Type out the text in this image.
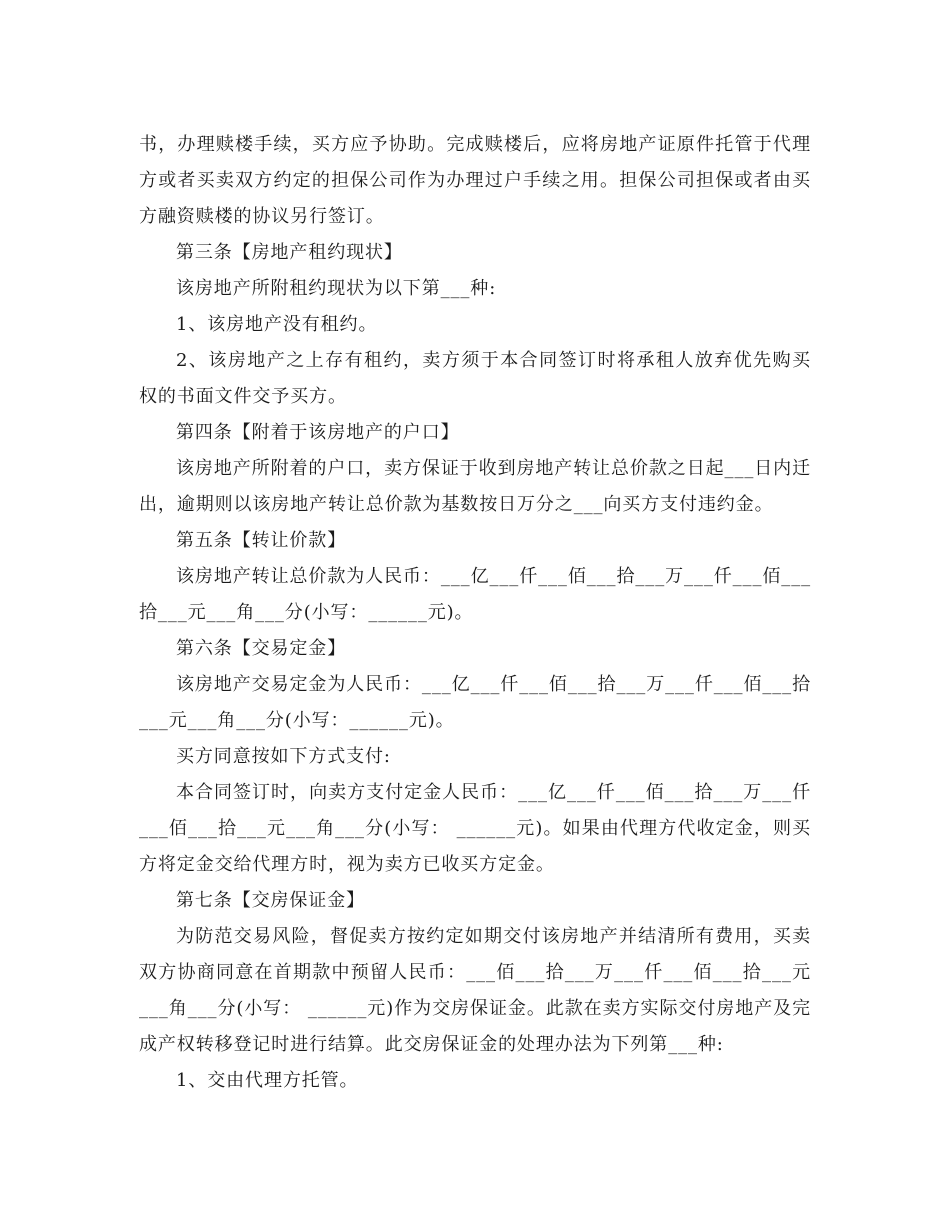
书，办理赎楼手续，买方应予协助。完成赎楼后，应将房地产证原件托管于代理方或者买卖双方约定的担保公司作为办理过户手续之用。担保公司担保或者由买方融资赎楼的协议另行签订。

第三条【房地产租约现状】

该房地产所附租约现状为以下第___种:

1、该房地产没有租约。

2、该房地产之上存有租约，卖方须于本合同签订时将承租人放弃优先购买权的书面文件交予买方。

第四条【附着于该房地产的户口】

该房地产所附着的户口，卖方保证于收到房地产转让总价款之日起___日内迁出，逾期则以该房地产转让总价款为基数按日万分之___向买方支付违约金。

第五条【转让价款】

该房地产转让总价款为人民币：___亿___仟___佰___拾___万___仟___佰___拾___元___角___分(小写：______元)。

第六条【交易定金】

该房地产交易定金为人民币：___亿___仟___佰___拾___万___仟___佰___拾___元___角___分(小写：______元)。

买方同意按如下方式支付:

本合同签订时，向卖方支付定金人民币：___亿___仟___佰___拾___万___仟___佰___拾___元___角___分(小写： ______元)。如果由代理方代收定金，则买方将定金交给代理方时，视为卖方已收买方定金。

第七条【交房保证金】

为防范交易风险，督促卖方按约定如期交付该房地产并结清所有费用，买卖双方协商同意在首期款中预留人民币：___佰___拾___万___仟___佰___拾___元___角___分(小写： ______元)作为交房保证金。此款在卖方实际交付房地产及完成产权转移登记时进行结算。此交房保证金的处理办法为下列第___种:

1、交由代理方托管。
